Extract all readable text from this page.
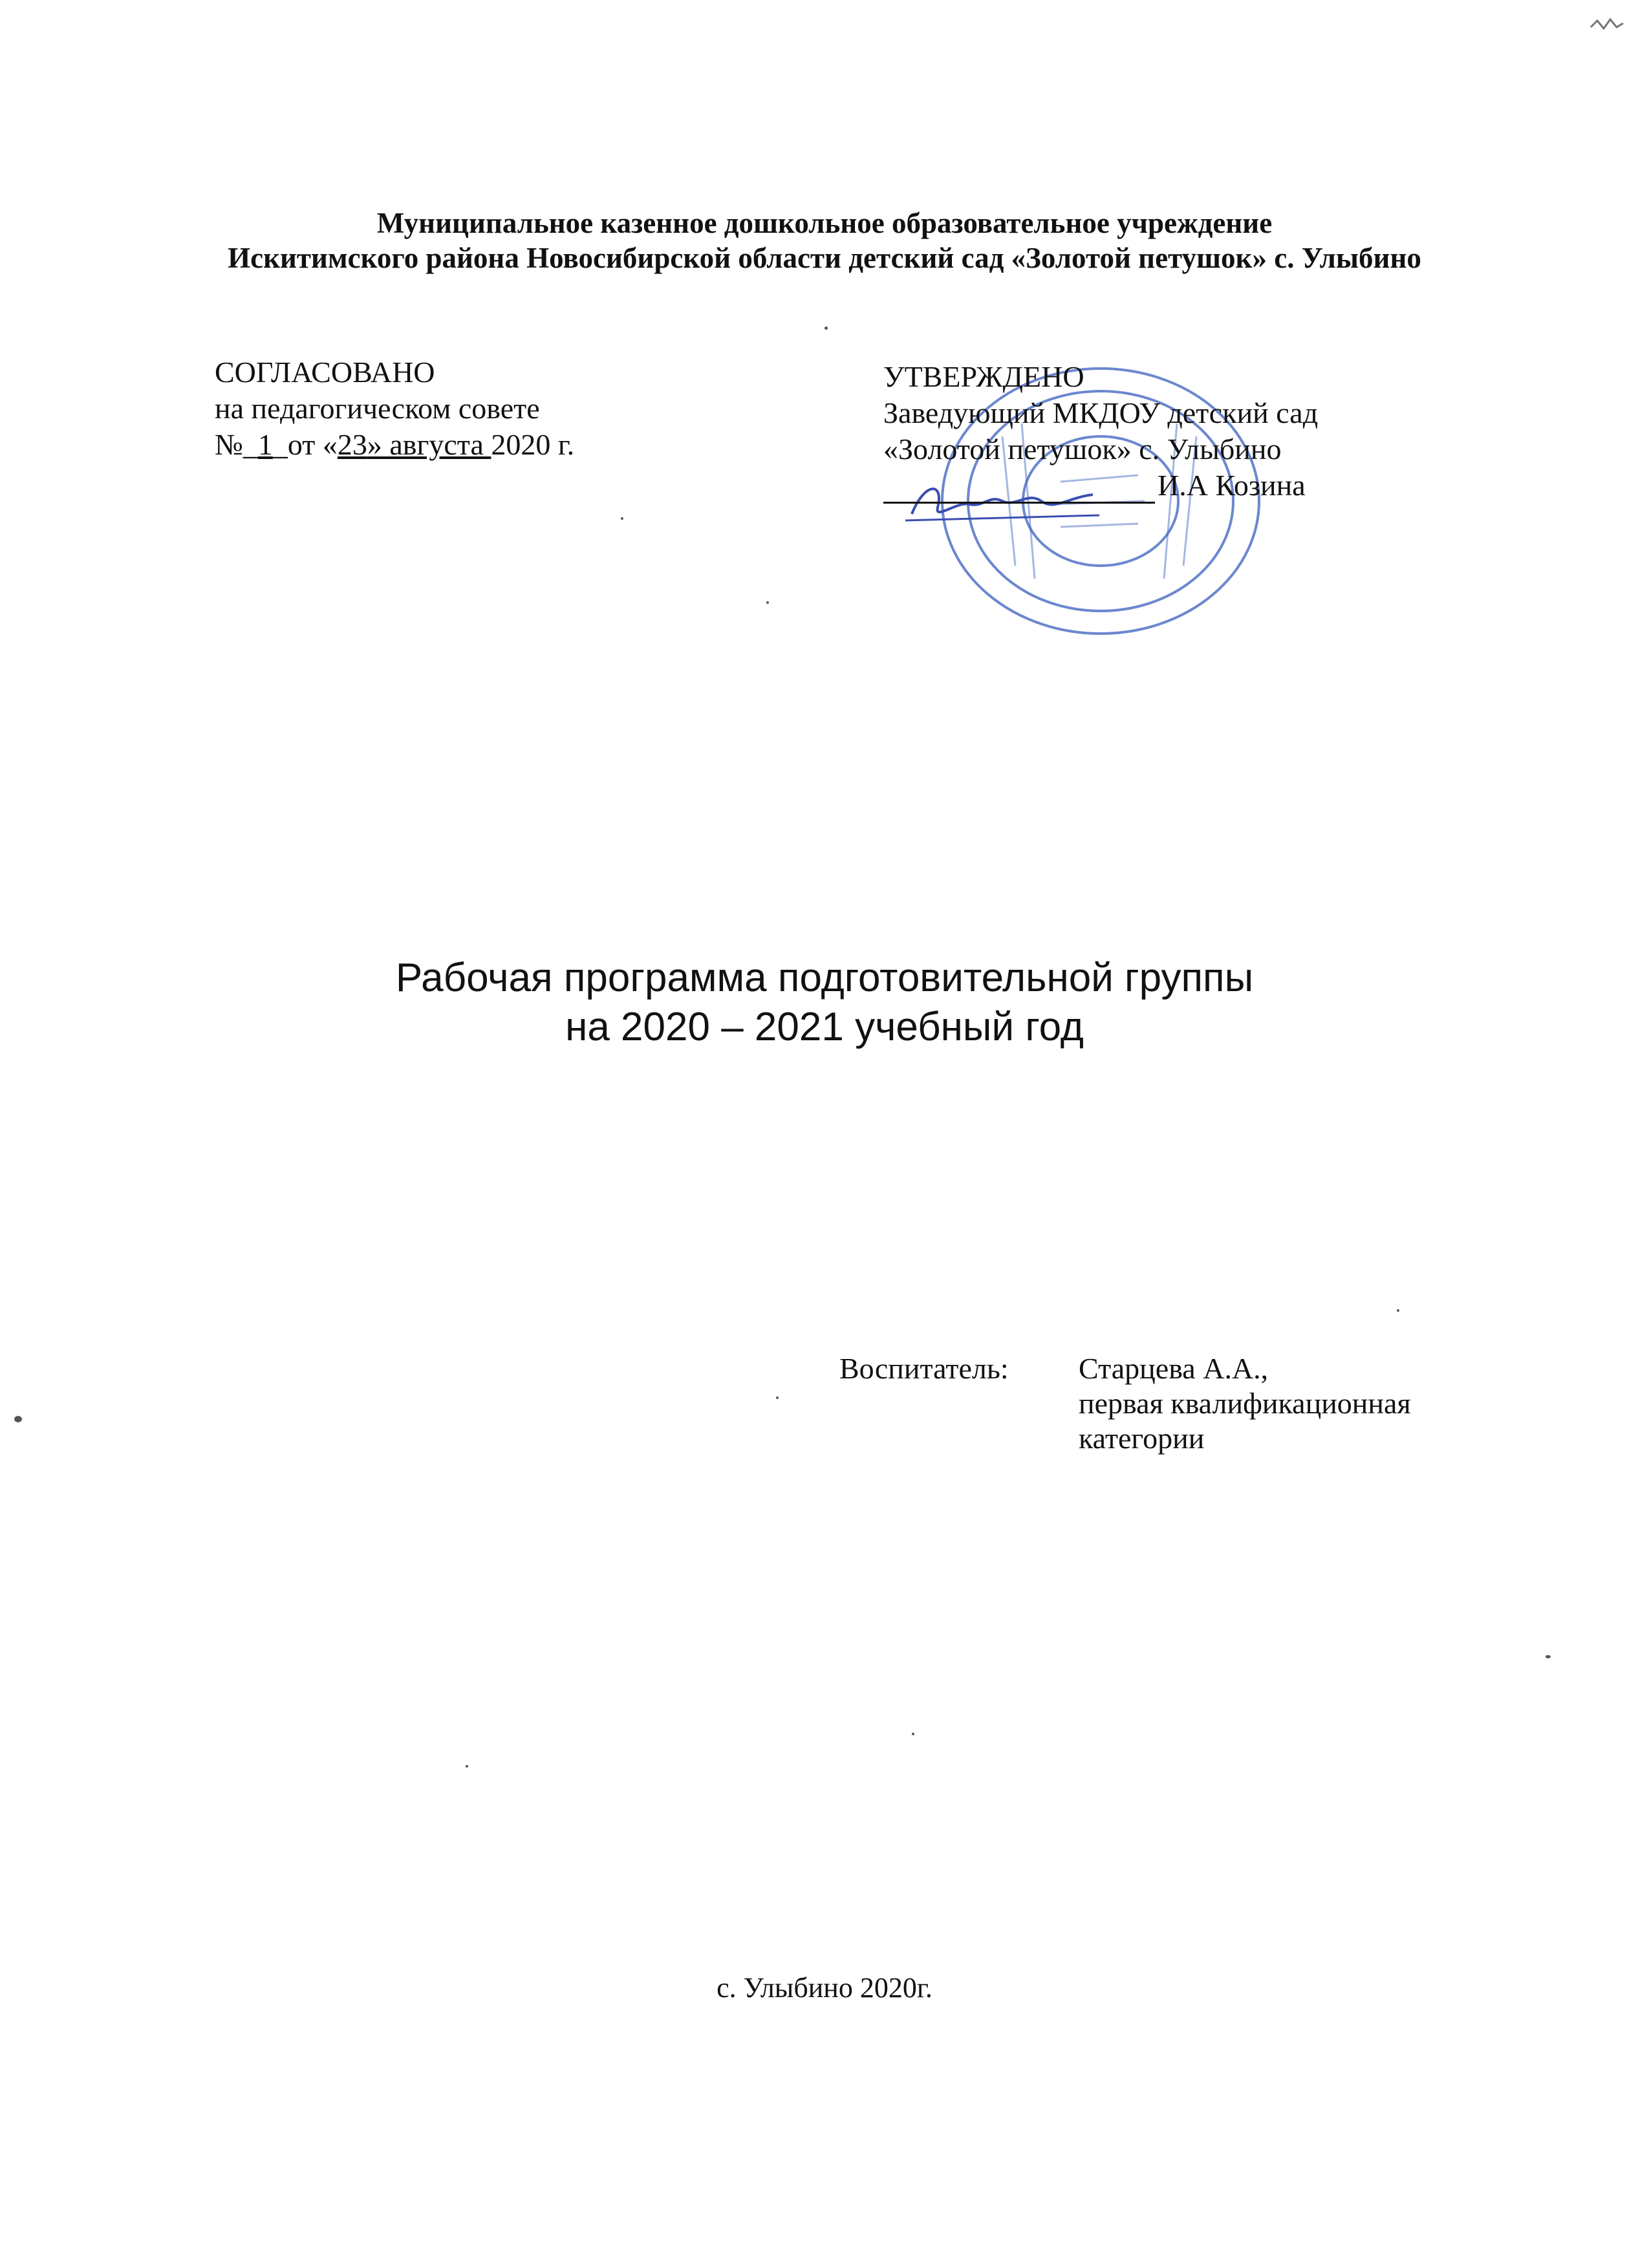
Муниципальное казенное дошкольное образовательное учреждение
Искитимского района Новосибирской области детский сад «Золотой петушок» с. Улыбино
СОГЛАСОВАНО
на педагогическом совете
№_1_от «23» августа 2020 г.
УТВЕРЖДЕНО
Заведующий МКДОУ детский сад
«Золотой петушок» с. Улыбино
И.А Козина
Рабочая программа подготовительной группы
на 2020 – 2021 учебный год
Воспитатель:	Старцева А.А.,
первая квалификационная
категории
с. Улыбино 2020г.
